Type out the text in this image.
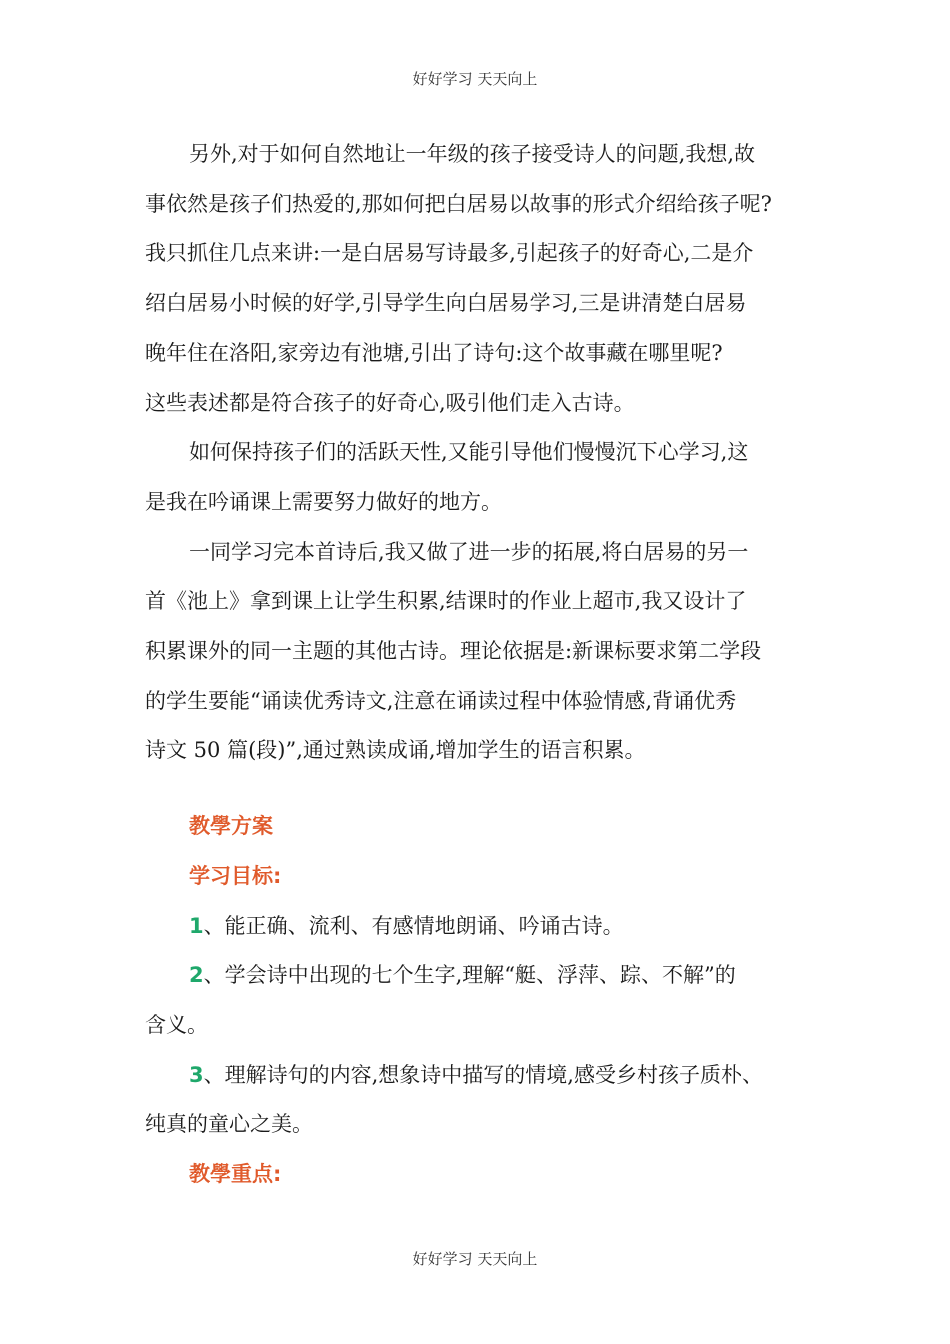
好好学习 天天向上

另外,对于如何自然地让一年级的孩子接受诗人的问题,我想,故
事依然是孩子们热爱的,那如何把白居易以故事的形式介绍给孩子呢?
我只抓住几点来讲:一是白居易写诗最多,引起孩子的好奇心,二是介
绍白居易小时候的好学,引导学生向白居易学习,三是讲清楚白居易
晚年住在洛阳,家旁边有池塘,引出了诗句:这个故事藏在哪里呢?
这些表述都是符合孩子的好奇心,吸引他们走入古诗。

如何保持孩子们的活跃天性,又能引导他们慢慢沉下心学习,这
是我在吟诵课上需要努力做好的地方。

一同学习完本首诗后,我又做了进一步的拓展,将白居易的另一
首《池上》拿到课上让学生积累,结课时的作业上超市,我又设计了
积累课外的同一主题的其他古诗。理论依据是:新课标要求第二学段
的学生要能“诵读优秀诗文,注意在诵读过程中体验情感,背诵优秀
诗文 50 篇(段)”,通过熟读成诵,增加学生的语言积累。

教學方案

学习目标:

1、能正确、流利、有感情地朗诵、吟诵古诗。

2、学会诗中出现的七个生字,理解“艇、浮萍、踪、不解”的
含义。

3、理解诗句的内容,想象诗中描写的情境,感受乡村孩子质朴、
纯真的童心之美。

教學重点:

好好学习 天天向上
